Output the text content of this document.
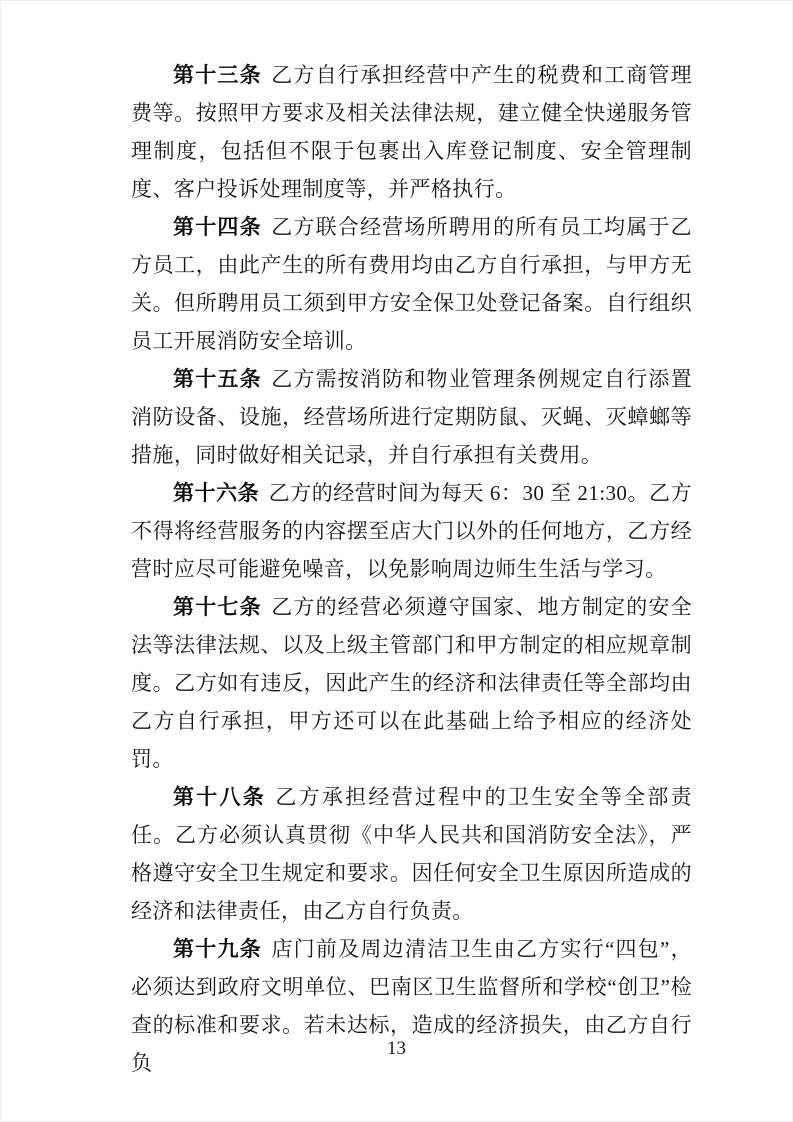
第十三条 乙方自行承担经营中产生的税费和工商管理费等。按照甲方要求及相关法律法规，建立健全快递服务管理制度，包括但不限于包裹出入库登记制度、安全管理制度、客户投诉处理制度等，并严格执行。

第十四条 乙方联合经营场所聘用的所有员工均属于乙方员工，由此产生的所有费用均由乙方自行承担，与甲方无关。但所聘用员工须到甲方安全保卫处登记备案。自行组织员工开展消防安全培训。

第十五条 乙方需按消防和物业管理条例规定自行添置消防设备、设施，经营场所进行定期防鼠、灭蝇、灭蟑螂等措施，同时做好相关记录，并自行承担有关费用。

第十六条 乙方的经营时间为每天 6：30 至 21:30。乙方不得将经营服务的内容摆至店大门以外的任何地方，乙方经营时应尽可能避免噪音，以免影响周边师生生活与学习。

第十七条 乙方的经营必须遵守国家、地方制定的安全法等法律法规、以及上级主管部门和甲方制定的相应规章制度。乙方如有违反，因此产生的经济和法律责任等全部均由乙方自行承担，甲方还可以在此基础上给予相应的经济处罚。

第十八条 乙方承担经营过程中的卫生安全等全部责任。乙方必须认真贯彻《中华人民共和国消防安全法》，严格遵守安全卫生规定和要求。因任何安全卫生原因所造成的经济和法律责任，由乙方自行负责。

第十九条 店门前及周边清洁卫生由乙方实行“四包”，必须达到政府文明单位、巴南区卫生监督所和学校“创卫”检查的标准和要求。若未达标，造成的经济损失，由乙方自行负

13
